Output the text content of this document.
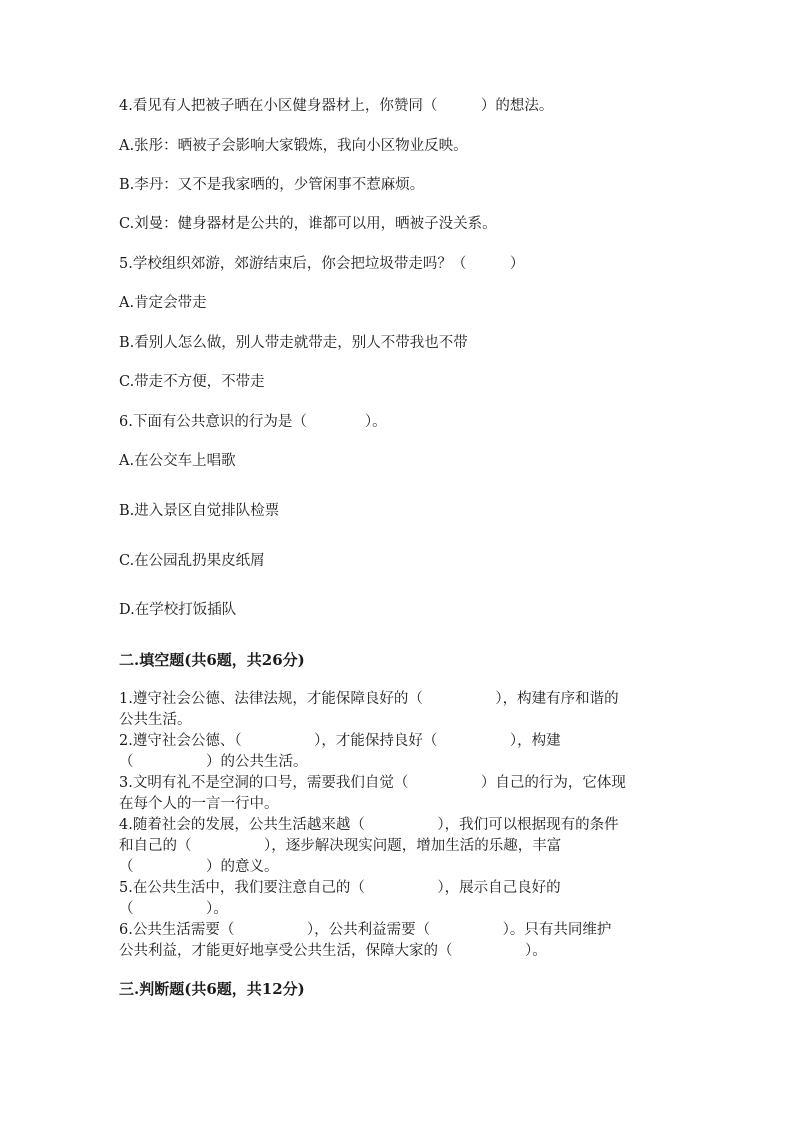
4.看见有人把被子晒在小区健身器材上，你赞同（　　　）的想法。
A.张彤：晒被子会影响大家锻炼，我向小区物业反映。
B.李丹：又不是我家晒的，少管闲事不惹麻烦。
C.刘曼：健身器材是公共的，谁都可以用，晒被子没关系。
5.学校组织郊游，郊游结束后，你会把垃圾带走吗？（　　　）
A.肯定会带走
B.看别人怎么做，别人带走就带走，别人不带我也不带
C.带走不方便，不带走
6.下面有公共意识的行为是（　　　　）。
A.在公交车上唱歌
B.进入景区自觉排队检票
C.在公园乱扔果皮纸屑
D.在学校打饭插队
二.填空题(共6题，共26分)
1.遵守社会公德、法律法规，才能保障良好的（　　　　　），构建有序和谐的
公共生活。
2.遵守社会公德、（　　　　　），才能保持良好（　　　　　），构建
（　　　　　）的公共生活。
3.文明有礼不是空洞的口号，需要我们自觉（　　　　　）自己的行为，它体现
在每个人的一言一行中。
4.随着社会的发展，公共生活越来越（　　　　　），我们可以根据现有的条件
和自己的（　　　　　），逐步解决现实问题，增加生活的乐趣，丰富
（　　　　　）的意义。
5.在公共生活中，我们要注意自己的（　　　　　），展示自己良好的
（　　　　　）。
6.公共生活需要（　　　　　），公共利益需要（　　　　　）。只有共同维护
公共利益，才能更好地享受公共生活，保障大家的（　　　　　）。
三.判断题(共6题，共12分)
